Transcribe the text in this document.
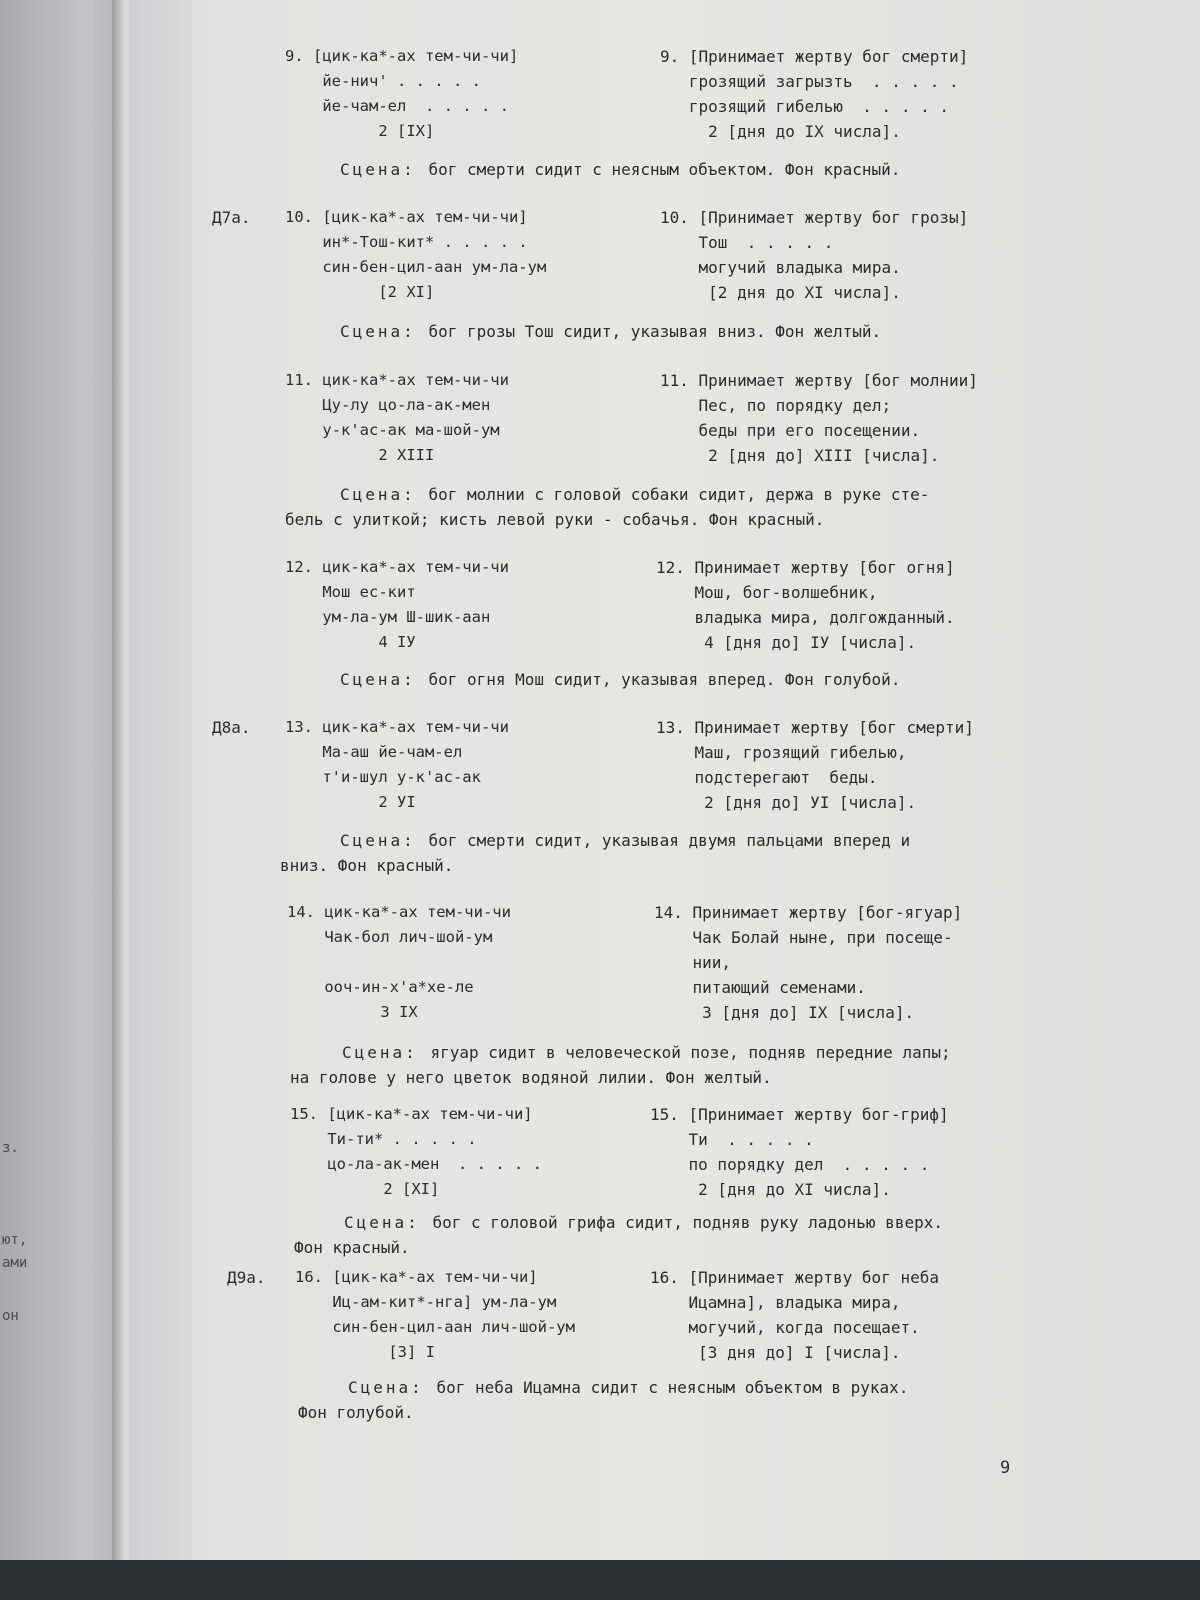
з.
ют,
ами
он
9. [цик-ка*-ах тем-чи-чи]
йе-нич' . . . . .
йе-чам-ел  . . . . .
2 [IX]
9. [Принимает жертву бог смерти]
грозящий загрызть  . . . . .
грозящий гибелью  . . . . .
2 [дня до IX числа].
Сцена: бог смерти сидит с неясным объектом. Фон красный.
Д7а. 10. [цик-ка*-ах тем-чи-чи]
ин*-Тош-кит* . . . . .
син-бен-цил-аан ум-ла-ум
[2 XI]
10. [Принимает жертву бог грозы]
Тош  . . . . .
могучий владыка мира.
[2 дня до XI числа].
Сцена: бог грозы Тош сидит, указывая вниз. Фон желтый.
11. цик-ка*-ах тем-чи-чи
Цу-лу цо-ла-ак-мен
у-к'ас-ак ма-шой-ум
2 XIII
11. Принимает жертву [бог молнии]
Пес, по порядку дел;
беды при его посещении.
2 [дня до] XIII [числа].
Сцена: бог молнии с головой собаки сидит, держа в руке сте-
бель с улиткой; кисть левой руки - собачья. Фон красный.
12. цик-ка*-ах тем-чи-чи
Мош ес-кит
ум-ла-ум Ш-шик-аан
4 IУ
12. Принимает жертву [бог огня]
Мош, бог-волшебник,
владыка мира, долгожданный.
4 [дня до] IУ [числа].
Сцена: бог огня Мош сидит, указывая вперед. Фон голубой.
Д8а. 13. цик-ка*-ах тем-чи-чи
Ма-аш йе-чам-ел
т'и-шул у-к'ас-ак
2 УI
13. Принимает жертву [бог смерти]
Маш, грозящий гибелью,
подстерегают  беды.
2 [дня до] УI [числа].
Сцена: бог смерти сидит, указывая двумя пальцами вперед и
вниз. Фон красный.
14. цик-ка*-ах тем-чи-чи
Чак-бол лич-шой-ум
ооч-ин-х'а*хе-ле
3 IX
14. Принимает жертву [бог-ягуар]
Чак Болай ныне, при посеще-
нии,
питающий семенами.
3 [дня до] IX [числа].
Сцена: ягуар сидит в человеческой позе, подняв передние лапы;
на голове у него цветок водяной лилии. Фон желтый.
15. [цик-ка*-ах тем-чи-чи]
Ти-ти* . . . . .
цо-ла-ак-мен  . . . . .
2 [XI]
15. [Принимает жертву бог-гриф]
Ти  . . . . .
по порядку дел  . . . . .
2 [дня до XI числа].
Сцена: бог с головой грифа сидит, подняв руку ладонью вверх.
Фон красный.
Д9а. 16. [цик-ка*-ах тем-чи-чи]
Иц-ам-кит*-нга] ум-ла-ум
син-бен-цил-аан лич-шой-ум
[3] I
16. [Принимает жертву бог неба
Ицамна], владыка мира,
могучий, когда посещает.
[3 дня до] I [числа].
Сцена: бог неба Ицамна сидит с неясным объектом в руках.
Фон голубой.
9
